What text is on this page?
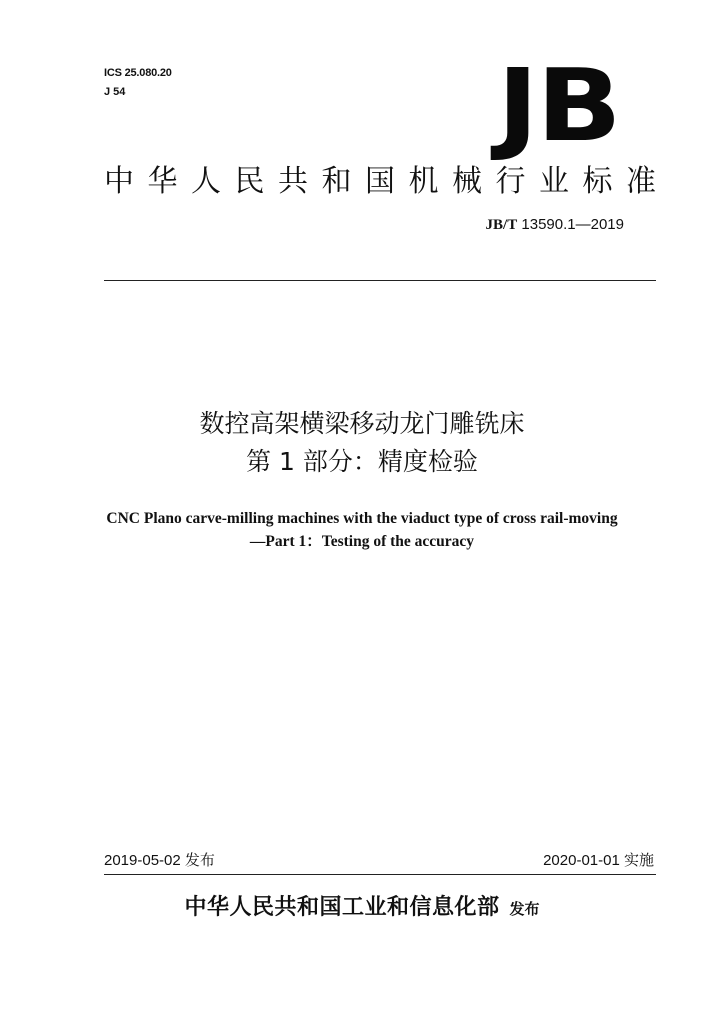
ICS 25.080.20
J 54	JB
中 华 人 民 共 和 国 机 械 行 业 标 准
JB/T 13590.1—2019
数控高架横梁移动龙门雕铣床
第 1 部分：精度检验
CNC Plano carve-milling machines with the viaduct type of cross rail-moving
—Part 1：Testing of the accuracy
2019-05-02 发布	2020-01-01 实施
中华人民共和国工业和信息化部 发布
